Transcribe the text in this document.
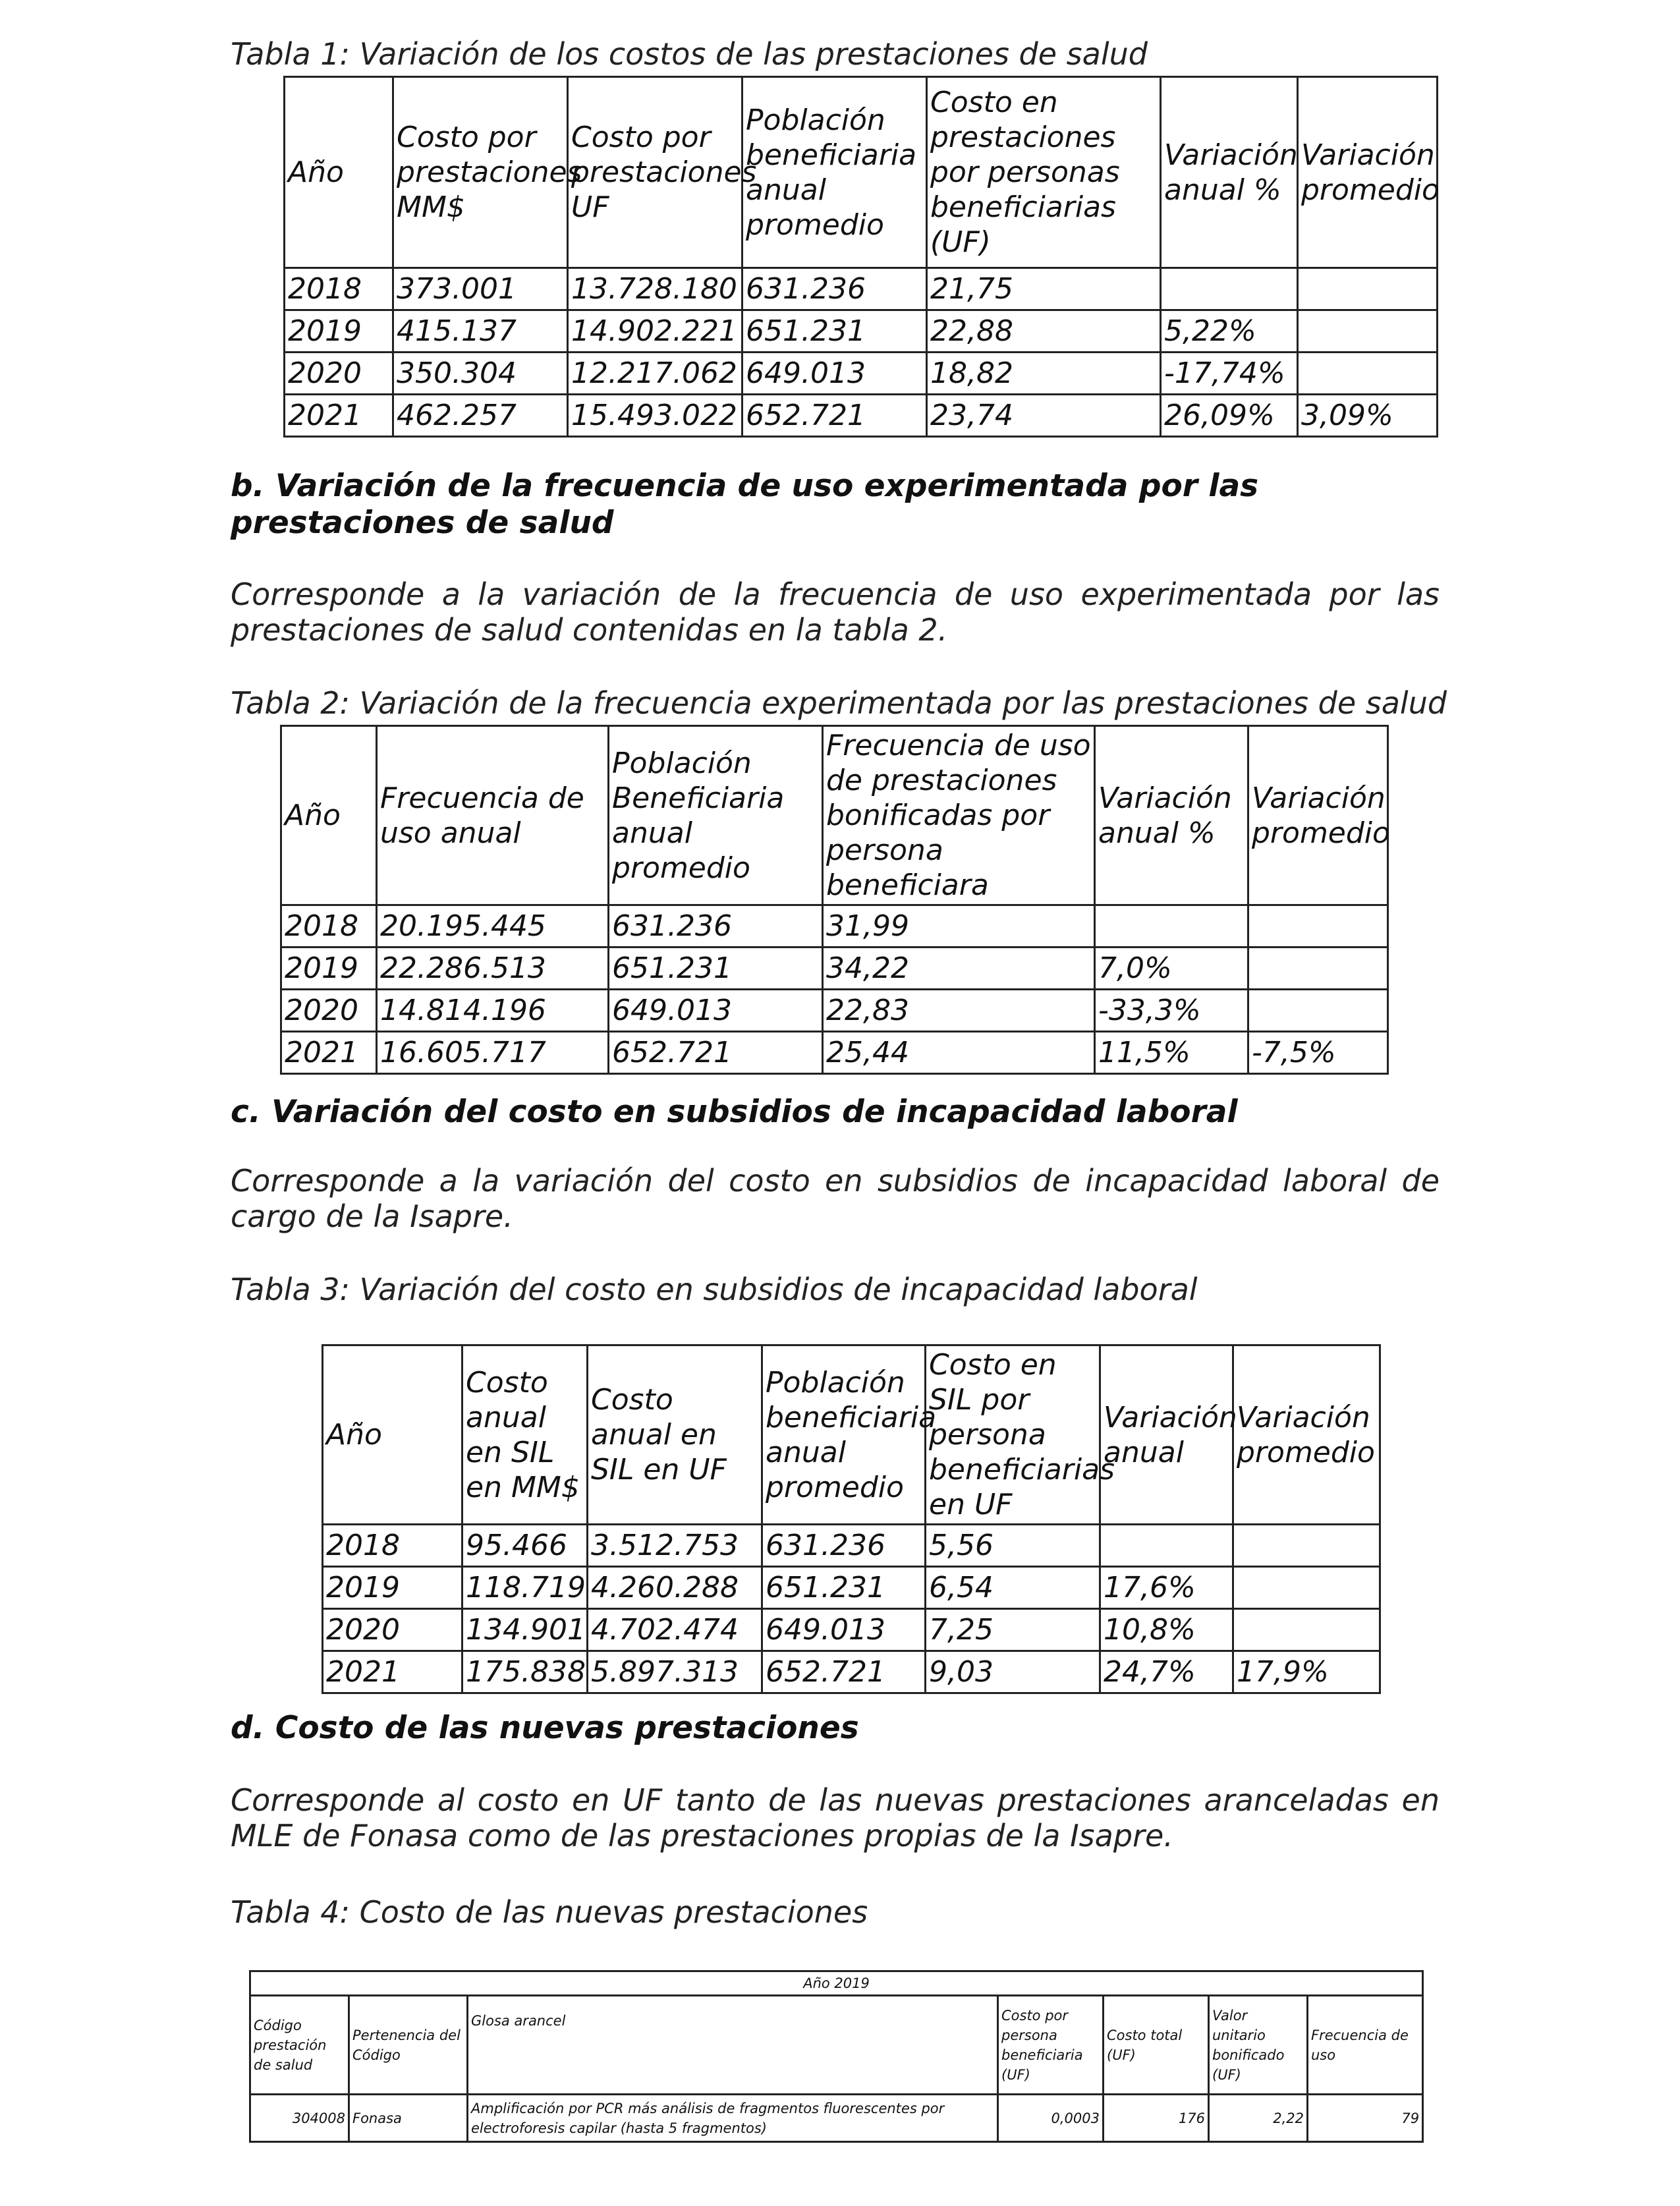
Tabla 1: Variación de los costos de las prestaciones de salud
Año	Costo por prestaciones MM$	Costo por prestaciones UF	Población beneficiaria anual promedio	Costo en prestaciones por personas beneficiarias (UF)	Variación anual %	Variación promedio
2018	373.001	13.728.180	631.236	21,75		
2019	415.137	14.902.221	651.231	22,88	5,22%	
2020	350.304	12.217.062	649.013	18,82	-17,74%	
2021	462.257	15.493.022	652.721	23,74	26,09%	3,09%
b. Variación de la frecuencia de uso experimentada por las prestaciones de salud
Corresponde a la variación de la frecuencia de uso experimentada por las prestaciones de salud contenidas en la tabla 2.
Tabla 2: Variación de la frecuencia experimentada por las prestaciones de salud
Año	Frecuencia de uso anual	Población Beneficiaria anual promedio	Frecuencia de uso de prestaciones bonificadas por persona beneficiara	Variación anual %	Variación promedio
2018	20.195.445	631.236	31,99		
2019	22.286.513	651.231	34,22	7,0%	
2020	14.814.196	649.013	22,83	-33,3%	
2021	16.605.717	652.721	25,44	11,5%	-7,5%
c. Variación del costo en subsidios de incapacidad laboral
Corresponde a la variación del costo en subsidios de incapacidad laboral de cargo de la Isapre.
Tabla 3: Variación del costo en subsidios de incapacidad laboral
Año	Costo anual en SIL en MM$	Costo anual en SIL en UF	Población beneficiaria anual promedio	Costo en SIL por persona beneficiarias en UF	Variación anual	Variación promedio
2018	95.466	3.512.753	631.236	5,56		
2019	118.719	4.260.288	651.231	6,54	17,6%	
2020	134.901	4.702.474	649.013	7,25	10,8%	
2021	175.838	5.897.313	652.721	9,03	24,7%	17,9%
d. Costo de las nuevas prestaciones
Corresponde al costo en UF tanto de las nuevas prestaciones aranceladas en MLE de Fonasa como de las prestaciones propias de la Isapre.
Tabla 4: Costo de las nuevas prestaciones
Año 2019						
Código prestación de salud	Pertenencia del Código	Glosa arancel	Costo por persona beneficiaria (UF)	Costo total (UF)	Valor unitario bonificado (UF)	Frecuencia de uso
304008	Fonasa	Amplificación por PCR más análisis de fragmentos fluorescentes por electroforesis capilar (hasta 5 fragmentos)	0,0003	176	2,22	79
